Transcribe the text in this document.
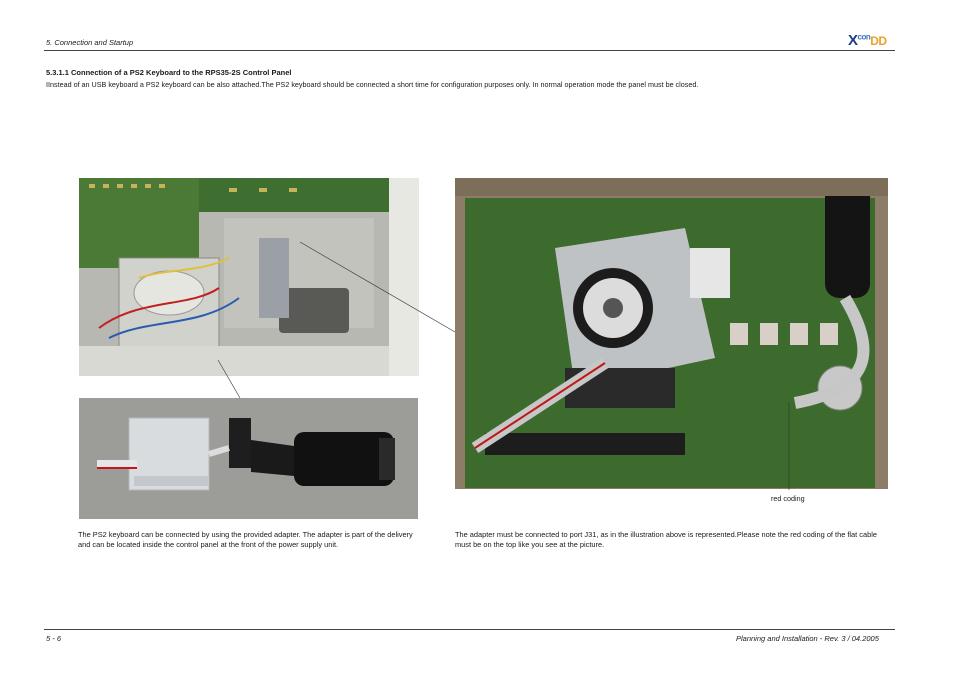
5. Connection and Startup	$X^{con}DD$
5.3.1.1 Connection of a PS2 Keyboard to the RPS35-2S Control Panel
IInstead of an USB keyboard a PS2 keyboard can be also attached.The PS2 keyboard should be connected a short time for configuration purposes only. In normal operation mode the panel must be closed.
red coding
The PS2 keyboard can be connected by using the provided adapter. The adapter is part of the delivery and can be located inside the control panel at the front of the power supply unit.
The adapter must be connected to port J31, as in the illustration above is represented.Please note the red coding of the flat cable must be on the top like you see at the picture.
5 - 6	Planning and Installation - Rev. 3 / 04.2005
